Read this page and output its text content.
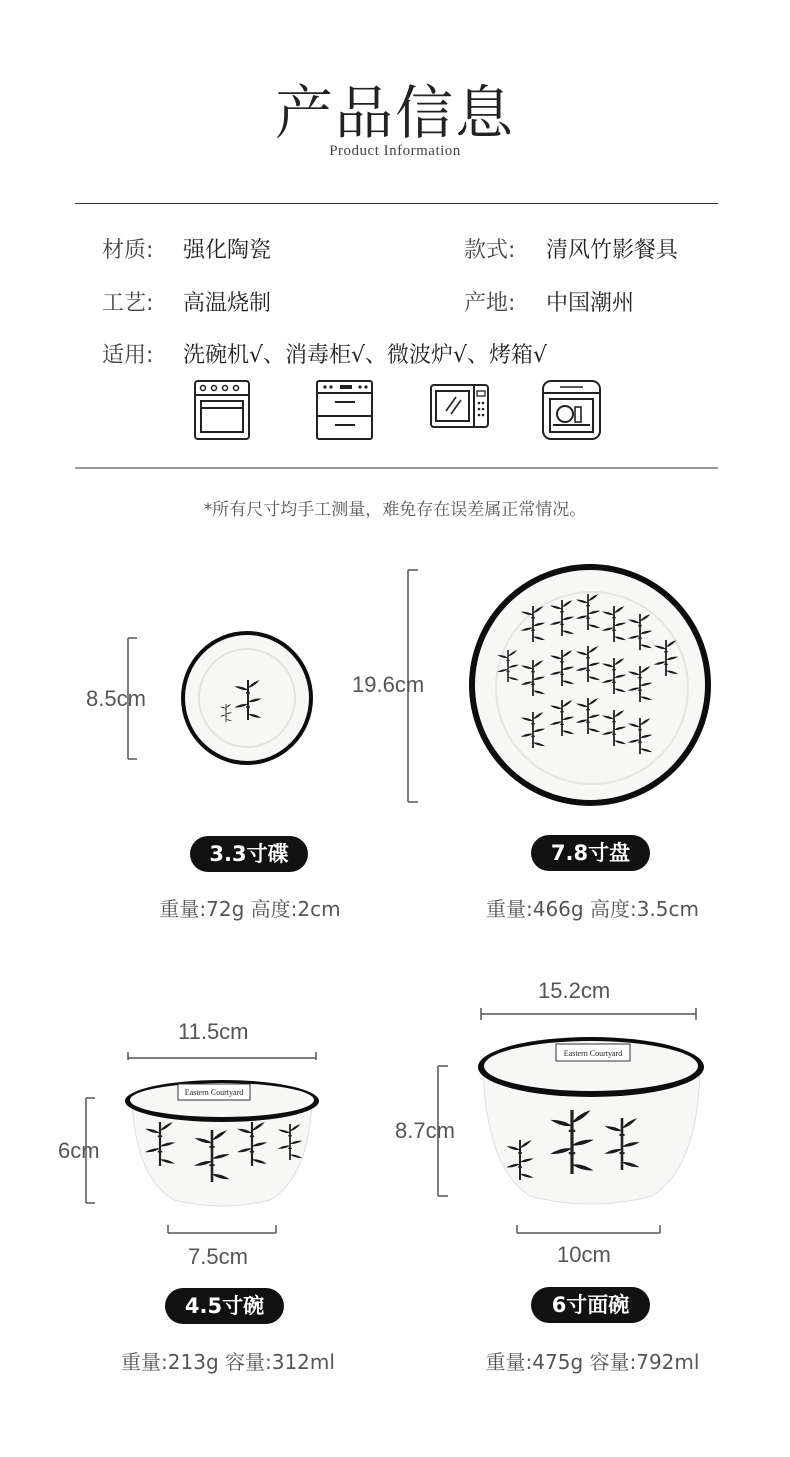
产品信息
Product Information
材质: 强化陶瓷	款式: 清风竹影餐具
工艺: 高温烧制	产地: 中国潮州
适用: 洗碗机√、消毒柜√、微波炉√、烤箱√
Eastern Courtyard
Eastern Courtyard
*所有尺寸均手工测量，难免存在误差属正常情况。
8.5cm
3.3寸碟
重量:72g 高度:2cm
19.6cm
7.8寸盘
重量:466g 高度:3.5cm
11.5cm
6cm
7.5cm
4.5寸碗
重量:213g 容量:312ml
15.2cm
8.7cm
10cm
6寸面碗
重量:475g 容量:792ml
